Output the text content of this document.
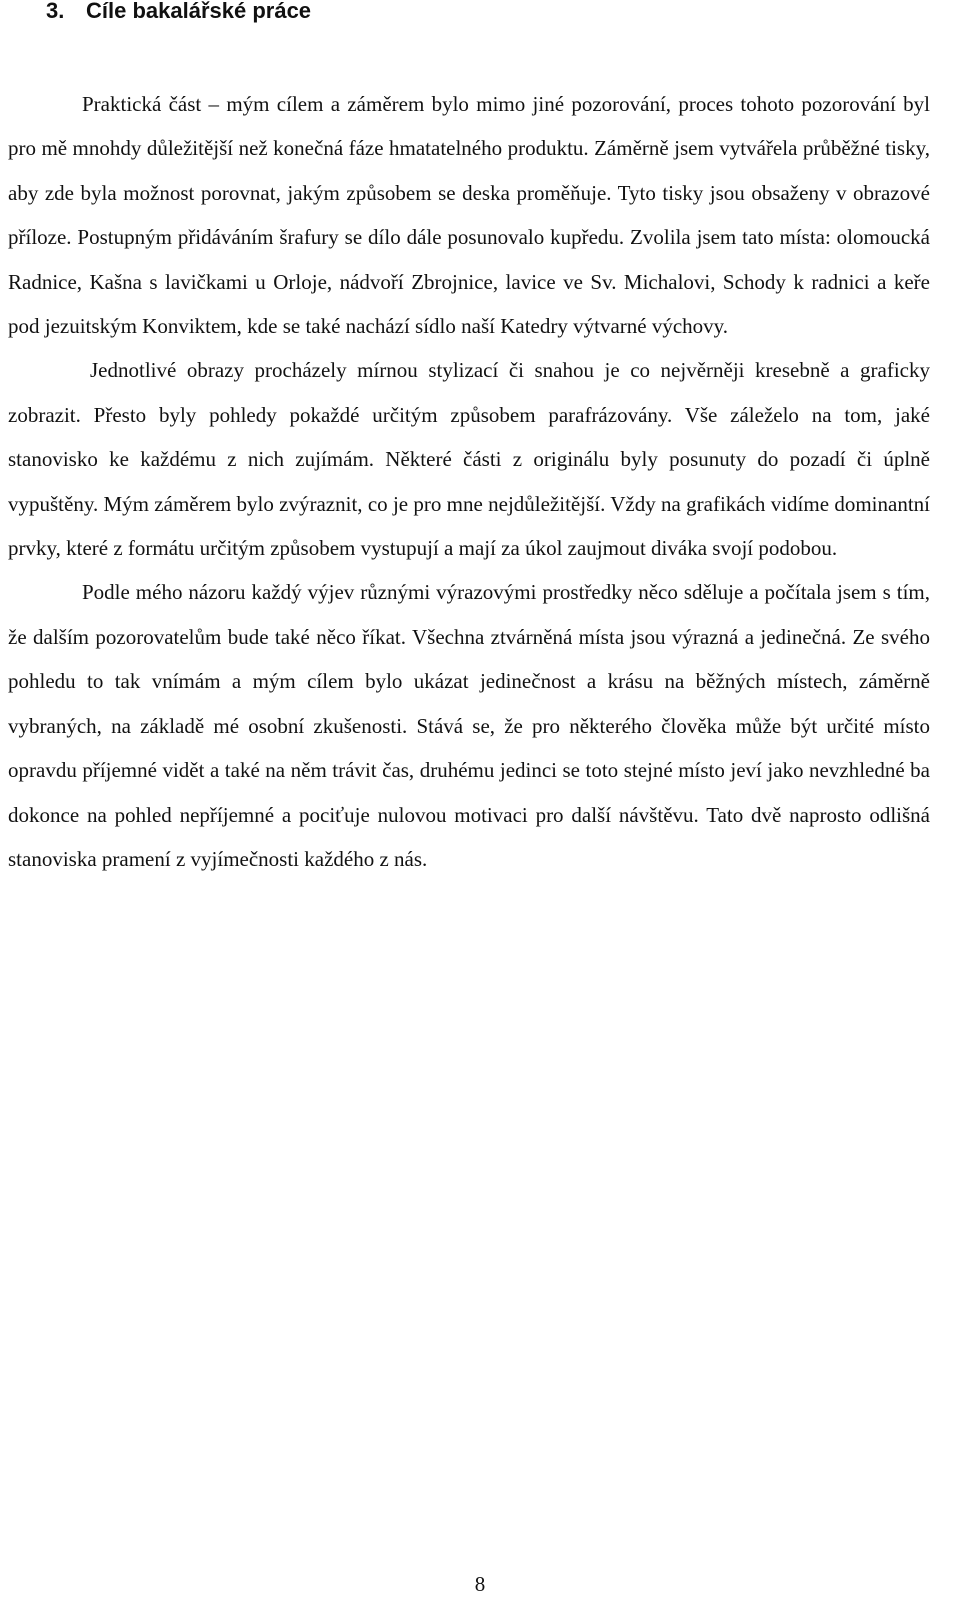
3. Cíle bakalářské práce

Praktická část – mým cílem a záměrem bylo mimo jiné pozorování, proces tohoto pozorování byl pro mě mnohdy důležitější než konečná fáze hmatatelného produktu. Záměrně jsem vytvářela průběžné tisky, aby zde byla možnost porovnat, jakým způsobem se deska proměňuje. Tyto tisky jsou obsaženy v obrazové příloze. Postupným přidáváním šrafury se dílo dále posunovalo kupředu. Zvolila jsem tato místa: olomoucká Radnice, Kašna s lavičkami u Orloje, nádvoří Zbrojnice, lavice ve Sv. Michalovi, Schody k radnici a keře pod jezuitským Konviktem, kde se také nachází sídlo naší Katedry výtvarné výchovy.

Jednotlivé obrazy procházely mírnou stylizací či snahou je co nejvěrněji kresebně a graficky zobrazit. Přesto byly pohledy pokaždé určitým způsobem parafrázovány. Vše záleželo na tom, jaké stanovisko ke každému z nich zujímám. Některé části z originálu byly posunuty do pozadí či úplně vypuštěny. Mým záměrem bylo zvýraznit, co je pro mne nejdůležitější. Vždy na grafikách vidíme dominantní prvky, které z formátu určitým způsobem vystupují a mají za úkol zaujmout diváka svojí podobou.

Podle mého názoru každý výjev různými výrazovými prostředky něco sděluje a počítala jsem s tím, že dalším pozorovatelům bude také něco říkat. Všechna ztvárněná místa jsou výrazná a jedinečná. Ze svého pohledu to tak vnímám a mým cílem bylo ukázat jedinečnost a krásu na běžných místech, záměrně vybraných, na základě mé osobní zkušenosti. Stává se, že pro některého člověka může být určité místo opravdu příjemné vidět a také na něm trávit čas, druhému jedinci se toto stejné místo jeví jako nevzhledné ba dokonce na pohled nepříjemné a pociťuje nulovou motivaci pro další návštěvu. Tato dvě naprosto odlišná stanoviska pramení z vyjímečnosti každého z nás.

8
